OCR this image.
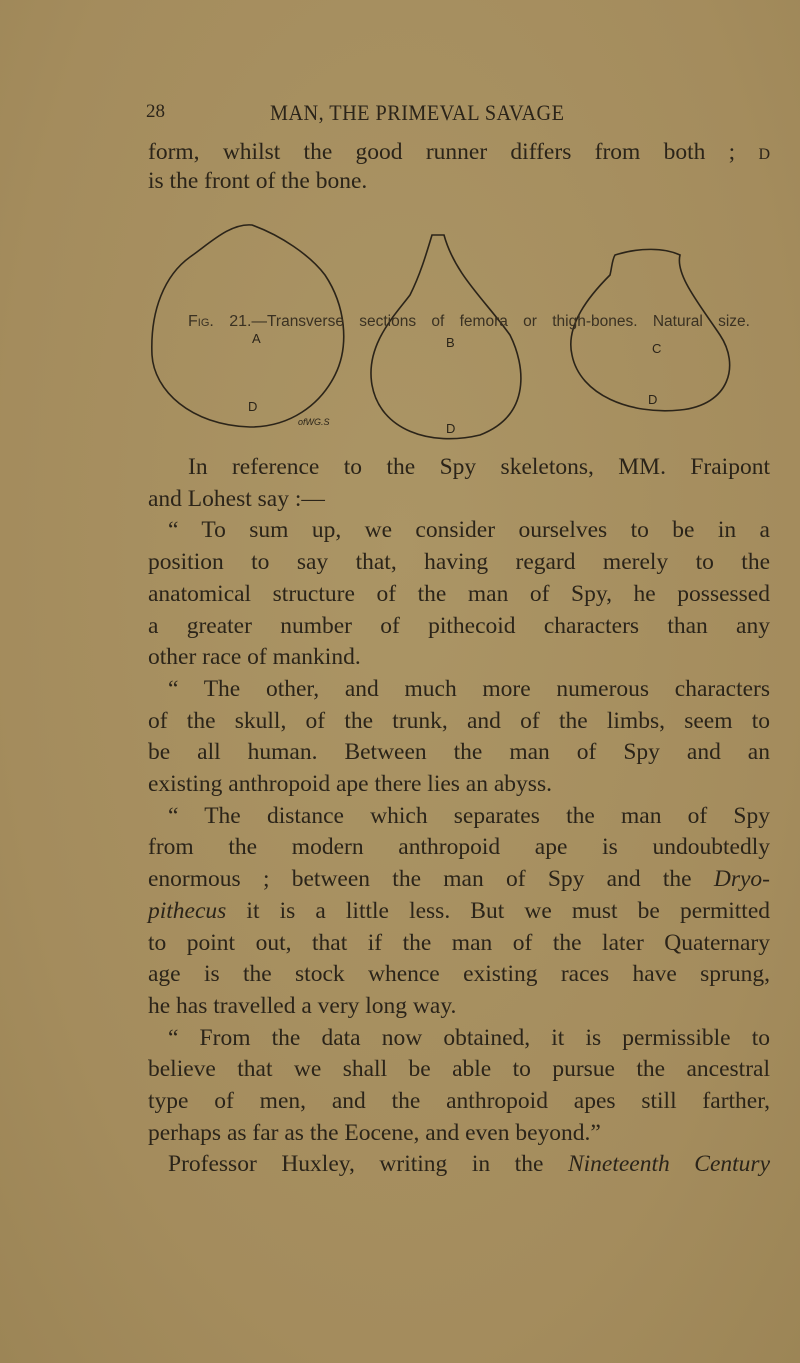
28	MAN, THE PRIMEVAL SAVAGE
form, whilst the good runner differs from both ; D
is the front of the bone.
A
D
B
D
C
D
ofWG.S
Fig. 21.—Transverse sections of femora or thigh-bones. Natural size.
In reference to the Spy skeletons, MM. Fraipont
and Lohest say :—
“ To sum up, we consider ourselves to be in a
position to say that, having regard merely to the
anatomical structure of the man of Spy, he possessed
a greater number of pithecoid characters than any
other race of mankind.
“ The other, and much more numerous characters
of the skull, of the trunk, and of the limbs, seem to
be all human. Between the man of Spy and an
existing anthropoid ape there lies an abyss.
“ The distance which separates the man of Spy
from the modern anthropoid ape is undoubtedly
enormous ; between the man of Spy and the Dryo-
pithecus it is a little less. But we must be permitted
to point out, that if the man of the later Quaternary
age is the stock whence existing races have sprung,
he has travelled a very long way.
“ From the data now obtained, it is permissible to
believe that we shall be able to pursue the ancestral
type of men, and the anthropoid apes still farther,
perhaps as far as the Eocene, and even beyond.”
Professor Huxley, writing in the Nineteenth Century
